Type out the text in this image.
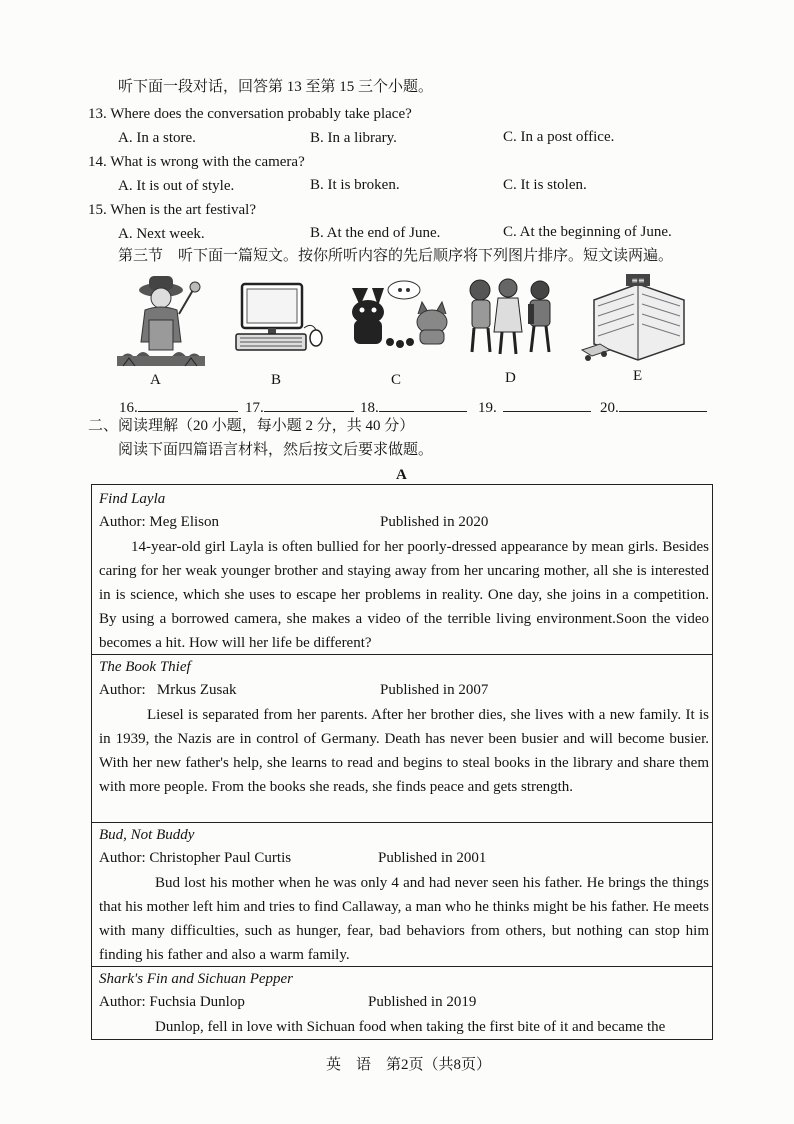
听下面一段对话，回答第 13 至第 15 三个小题。
13. Where does the conversation probably take place?
A. In a store.	B. In a library.	C. In a post office.
14. What is wrong with the camera?
A. It is out of style.	B. It is broken.	C. It is stolen.
15. When is the art festival?
A. Next week.	B. At the end of June.	C. At the beginning of June.
第三节　听下面一篇短文。按你所听内容的先后顺序将下列图片排序。短文读两遍。
A	B	C	D
≡≡
E
16.	17.	18.	19.	20.
二、阅读理解（20 小题，每小题 2 分，共 40 分）
阅读下面四篇语言材料，然后按文后要求做题。
A
Find Layla
Author: Meg Elison	Published in 2020
14-year-old girl Layla is often bullied for her poorly-dressed appearance by mean girls. Besides caring for her weak younger brother and staying away from her uncaring mother, all she is interested in is science, which she uses to escape her problems in reality. One day, she joins in a competition. By using a borrowed camera, she makes a video of the terrible living environment.Soon the video becomes a hit. How will her life be different?
The Book Thief
Author:   Mrkus Zusak	Published in 2007
Liesel is separated from her parents. After her brother dies, she lives with a new family. It is in 1939, the Nazis are in control of Germany. Death has never been busier and will become busier. With her new father's help, she learns to read and begins to steal books in the library and share them with more people. From the books she reads, she finds peace and gets strength.
Bud, Not Buddy
Author: Christopher Paul Curtis	Published in 2001
Bud lost his mother when he was only 4 and had never seen his father. He brings the things that his mother left him and tries to find Callaway, a man who he thinks might be his father. He meets with many difficulties, such as hunger, fear, bad behaviors from others, but nothing can stop him finding his father and also a warm family.
Shark's Fin and Sichuan Pepper
Author: Fuchsia Dunlop	Published in 2019
Dunlop, fell in love with Sichuan food when taking the first bite of it and became the
英　语　第2页（共8页）
